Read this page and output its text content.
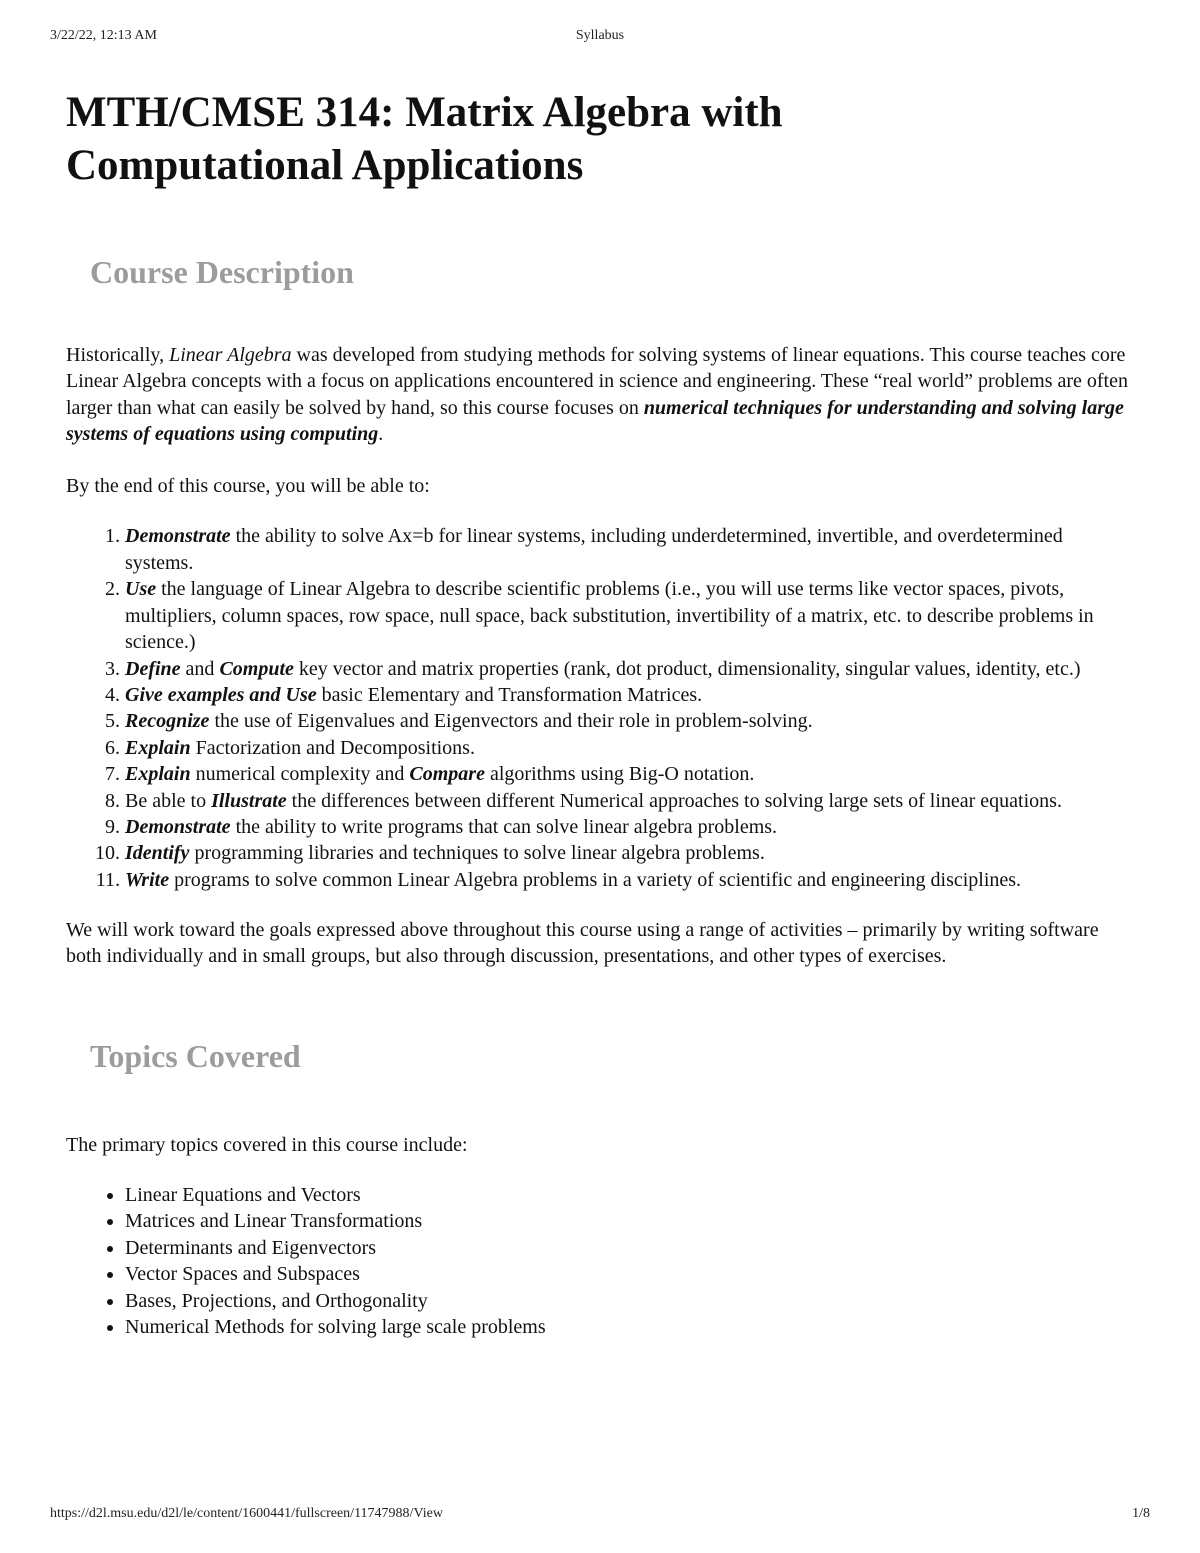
3/22/22, 12:13 AM	Syllabus
MTH/CMSE 314: Matrix Algebra with
Computational Applications
Course Description

Historically, Linear Algebra was developed from studying methods for solving systems of linear equations. This course teaches core Linear Algebra concepts with a focus on applications encountered in science and engineering. These “real world” problems are often larger than what can easily be solved by hand, so this course focuses on numerical techniques for understanding and solving large systems of equations using computing.

By the end of this course, you will be able to:

1. Demonstrate the ability to solve Ax=b for linear systems, including underdetermined, invertible, and overdetermined systems.
2. Use the language of Linear Algebra to describe scientific problems (i.e., you will use terms like vector spaces, pivots, multipliers, column spaces, row space, null space, back substitution, invertibility of a matrix, etc. to describe problems in science.)
3. Define and Compute key vector and matrix properties (rank, dot product, dimensionality, singular values, identity, etc.)
4. Give examples and Use basic Elementary and Transformation Matrices.
5. Recognize the use of Eigenvalues and Eigenvectors and their role in problem-solving.
6. Explain Factorization and Decompositions.
7. Explain numerical complexity and Compare algorithms using Big-O notation.
8. Be able to Illustrate the differences between different Numerical approaches to solving large sets of linear equations.
9. Demonstrate the ability to write programs that can solve linear algebra problems.
10. Identify programming libraries and techniques to solve linear algebra problems.
11. Write programs to solve common Linear Algebra problems in a variety of scientific and engineering disciplines.

We will work toward the goals expressed above throughout this course using a range of activities – primarily by writing software both individually and in small groups, but also through discussion, presentations, and other types of exercises.

Topics Covered

The primary topics covered in this course include:

• Linear Equations and Vectors
• Matrices and Linear Transformations
• Determinants and Eigenvectors
• Vector Spaces and Subspaces
• Bases, Projections, and Orthogonality
• Numerical Methods for solving large scale problems
https://d2l.msu.edu/d2l/le/content/1600441/fullscreen/11747988/View	1/8
